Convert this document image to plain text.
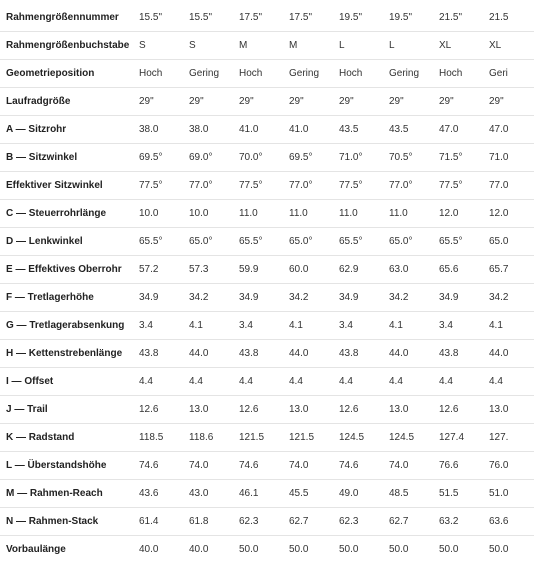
Rahmengrößennummer	15.5"	15.5"	17.5"	17.5"	19.5"	19.5"	21.5"	21.5
Rahmengrößenbuchstabe	S	S	M	M	L	L	XL	XL
Geometrieposition	Hoch	Gering	Hoch	Gering	Hoch	Gering	Hoch	Geri
Laufradgröße	29"	29"	29"	29"	29"	29"	29"	29"
A — Sitzrohr	38.0	38.0	41.0	41.0	43.5	43.5	47.0	47.0
B — Sitzwinkel	69.5°	69.0°	70.0°	69.5°	71.0°	70.5°	71.5°	71.0
Effektiver Sitzwinkel	77.5°	77.0°	77.5°	77.0°	77.5°	77.0°	77.5°	77.0
C — Steuerrohrlänge	10.0	10.0	11.0	11.0	11.0	11.0	12.0	12.0
D — Lenkwinkel	65.5°	65.0°	65.5°	65.0°	65.5°	65.0°	65.5°	65.0
E — Effektives Oberrohr	57.2	57.3	59.9	60.0	62.9	63.0	65.6	65.7
F — Tretlagerhöhe	34.9	34.2	34.9	34.2	34.9	34.2	34.9	34.2
G — Tretlagerabsenkung	3.4	4.1	3.4	4.1	3.4	4.1	3.4	4.1
H — Kettenstrebenlänge	43.8	44.0	43.8	44.0	43.8	44.0	43.8	44.0
I — Offset	4.4	4.4	4.4	4.4	4.4	4.4	4.4	4.4
J — Trail	12.6	13.0	12.6	13.0	12.6	13.0	12.6	13.0
K — Radstand	118.5	118.6	121.5	121.5	124.5	124.5	127.4	127.
L — Überstandshöhe	74.6	74.0	74.6	74.0	74.6	74.0	76.6	76.0
M — Rahmen-Reach	43.6	43.0	46.1	45.5	49.0	48.5	51.5	51.0
N — Rahmen-Stack	61.4	61.8	62.3	62.7	62.3	62.7	63.2	63.6
Vorbaulänge	40.0	40.0	50.0	50.0	50.0	50.0	50.0	50.0
